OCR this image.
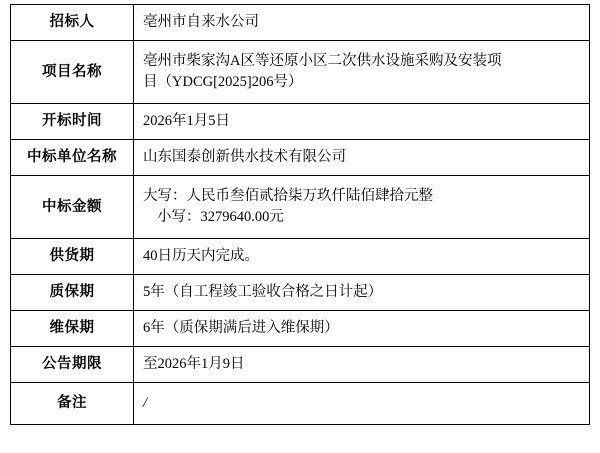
招标人	亳州市自来水公司

项目名称	亳州市柴家沟A区等还原小区二次供水设施采购及安装项
目（YDCG[2025]206号）

开标时间	2026年1月5日

中标单位名称	山东国泰创新供水技术有限公司

中标金额	大写：人民币叁佰贰拾柒万玖仟陆佰肆拾元整
小写：3279640.00元

供货期	40日历天内完成。

质保期	5年（自工程竣工验收合格之日计起）

维保期	6年（质保期满后进入维保期）

公告期限	至2026年1月9日

备注	/
